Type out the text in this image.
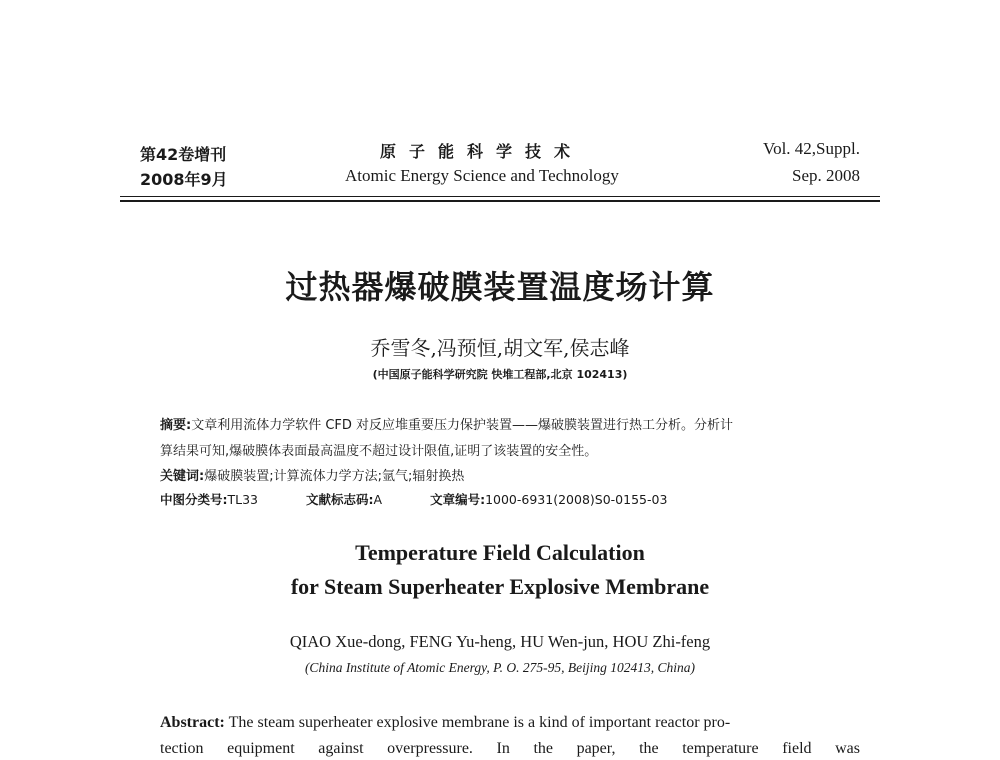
第42卷增刊
2008年9月
原子能科学技术
Atomic Energy Science and Technology
Vol. 42,Suppl.
Sep. 2008
过热器爆破膜装置温度场计算
乔雪冬,冯预恒,胡文军,侯志峰
(中国原子能科学研究院 快堆工程部,北京 102413)
摘要:文章利用流体力学软件 CFD 对反应堆重要压力保护装置——爆破膜装置进行热工分析。分析计
算结果可知,爆破膜体表面最高温度不超过设计限值,证明了该装置的安全性。
关键词:爆破膜装置;计算流体力学方法;氩气;辐射换热
中图分类号:TL33	文献标志码:A	文章编号:1000-6931(2008)S0-0155-03
Temperature Field Calculation
for Steam Superheater Explosive Membrane
QIAO Xue-dong, FENG Yu-heng, HU Wen-jun, HOU Zhi-feng
(China Institute of Atomic Energy, P. O. 275-95, Beijing 102413, China)
Abstract: The steam superheater explosive membrane is a kind of important reactor pro-
tection equipment against overpressure. In the paper, the temperature field was
